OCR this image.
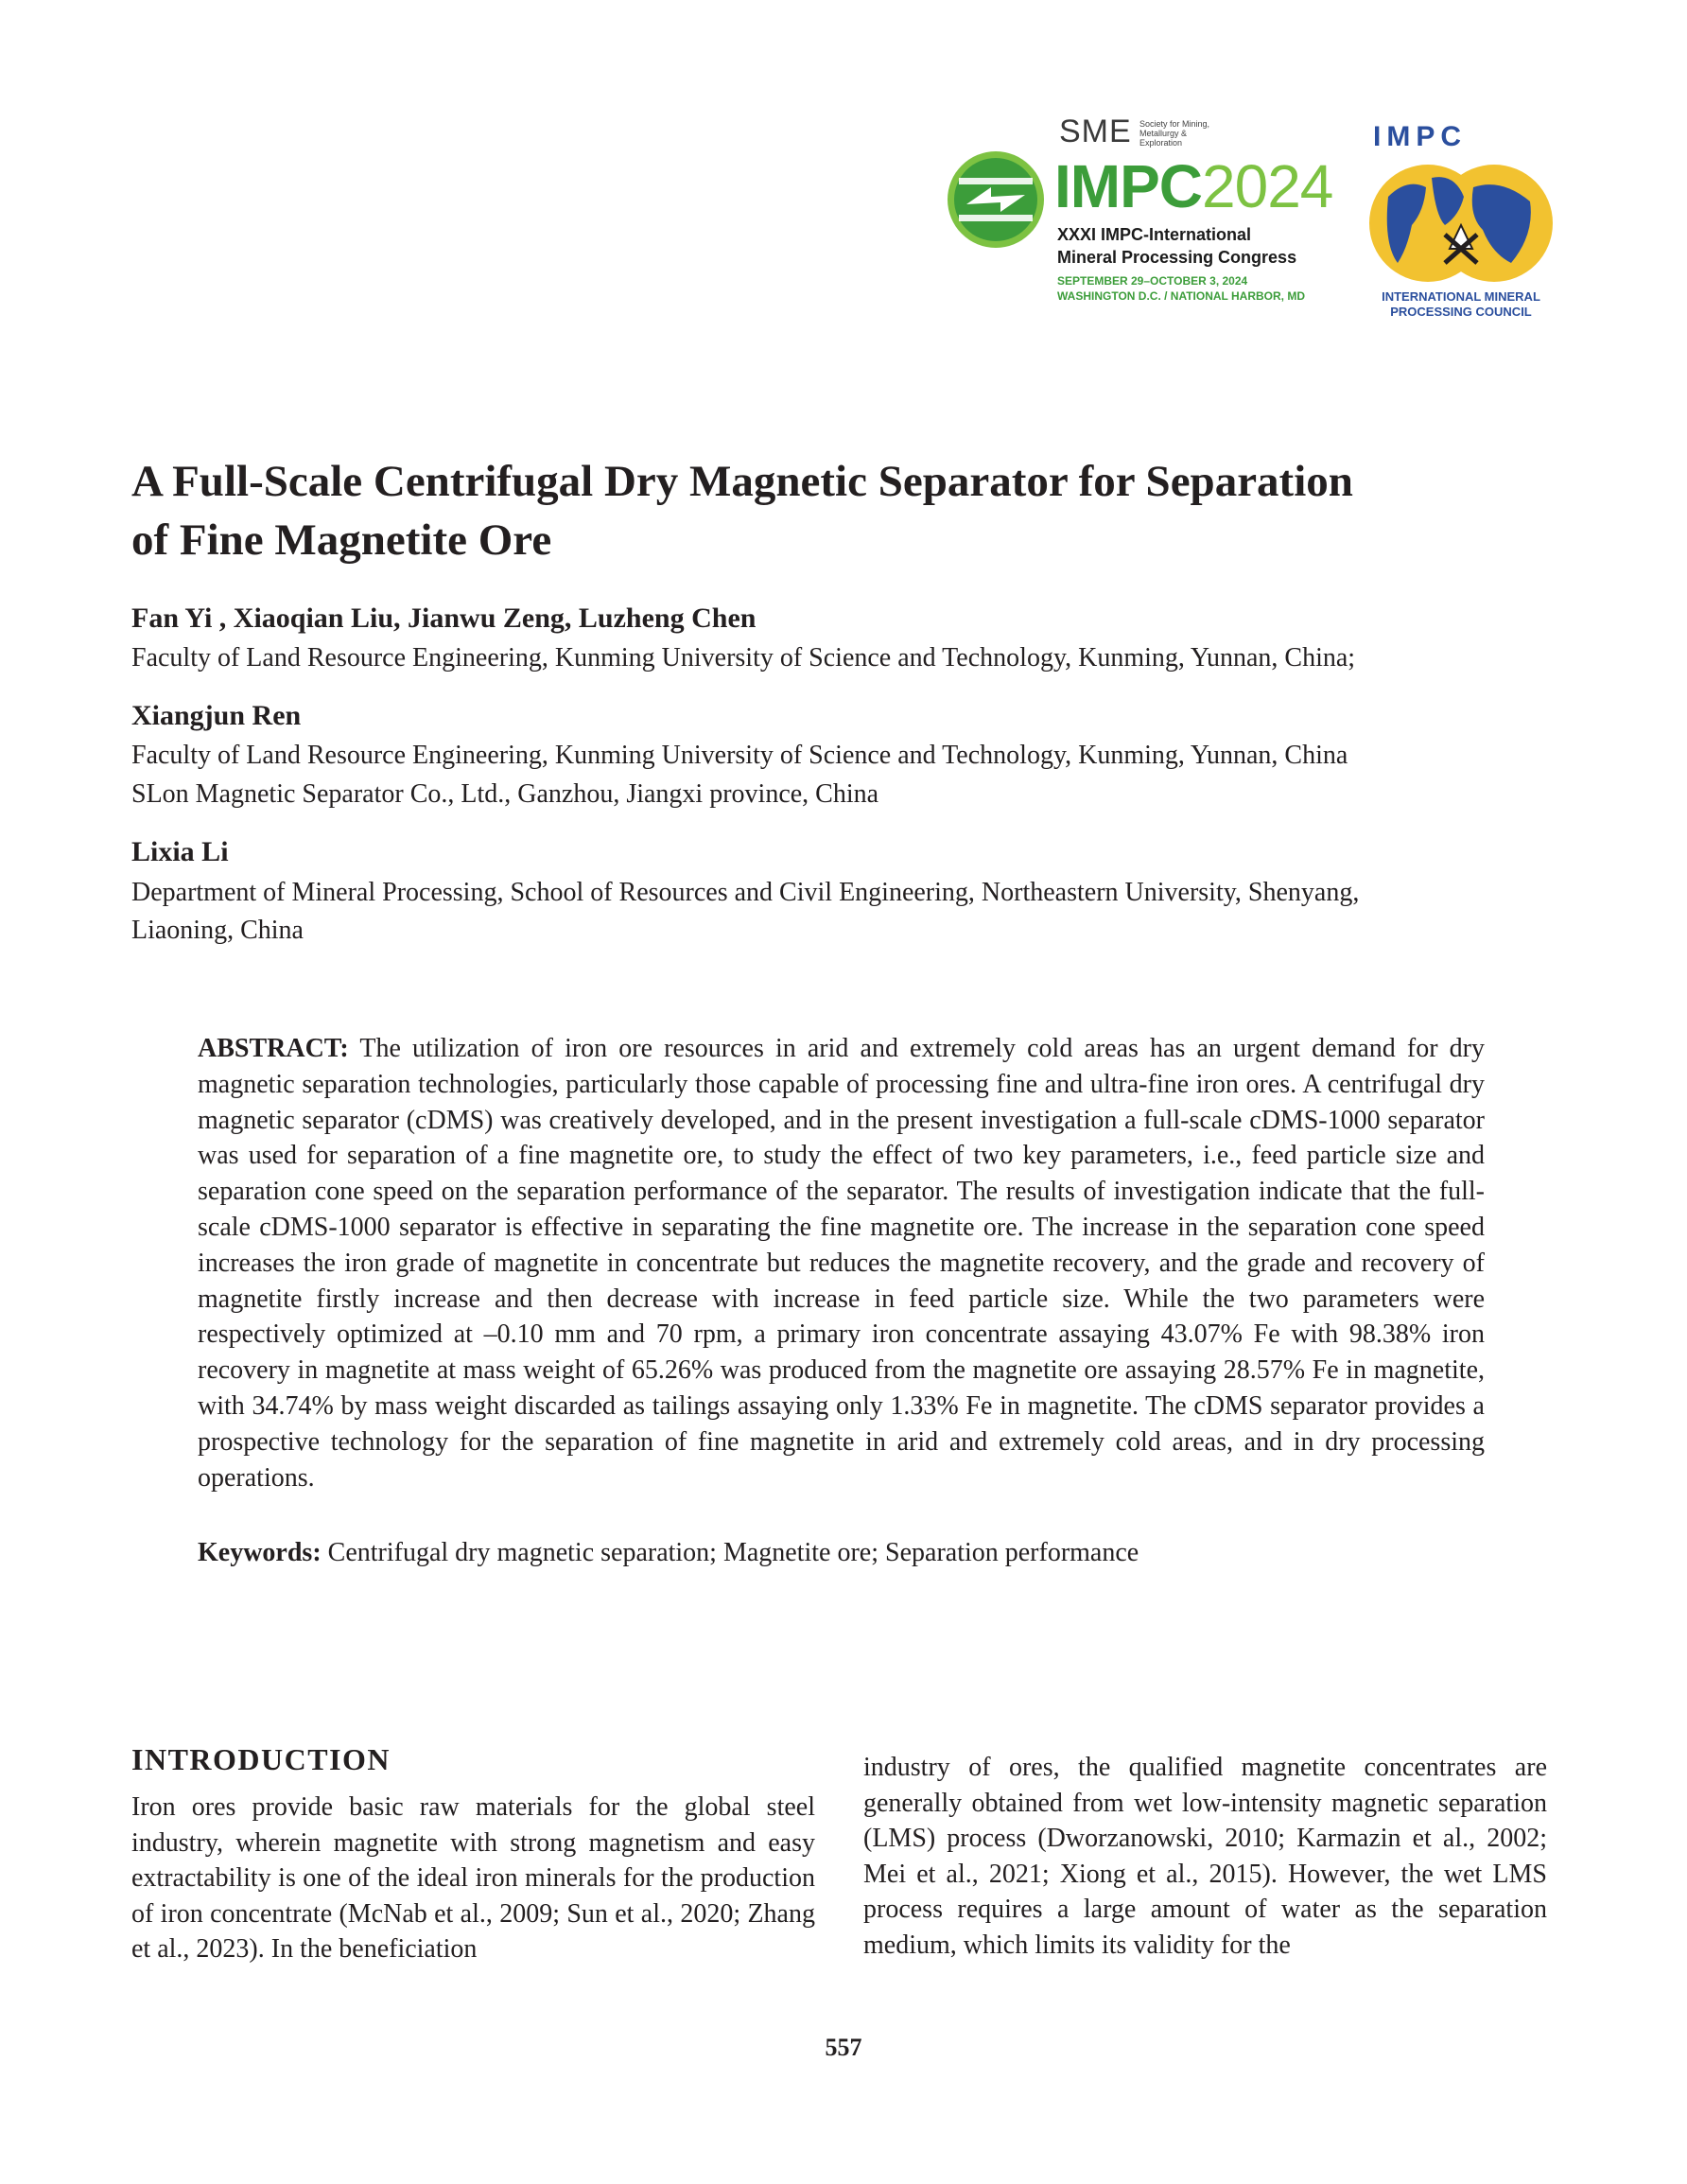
SME Society for Mining, Metallurgy & Exploration
IMPC2024
XXXI IMPC-International
Mineral Processing Congress
SEPTEMBER 29–OCTOBER 3, 2024
WASHINGTON D.C. / NATIONAL HARBOR, MD
IMPC
INTERNATIONAL MINERAL
PROCESSING COUNCIL
A Full-Scale Centrifugal Dry Magnetic Separator for Separation
of Fine Magnetite Ore
Fan Yi , Xiaoqian Liu, Jianwu Zeng, Luzheng Chen
Faculty of Land Resource Engineering, Kunming University of Science and Technology, Kunming, Yunnan, China;
Xiangjun Ren
Faculty of Land Resource Engineering, Kunming University of Science and Technology, Kunming, Yunnan, China
SLon Magnetic Separator Co., Ltd., Ganzhou, Jiangxi province, China
Lixia Li
Department of Mineral Processing, School of Resources and Civil Engineering, Northeastern University, Shenyang,
Liaoning, China

ABSTRACT: The utilization of iron ore resources in arid and extremely cold areas has an urgent demand for dry magnetic separation technologies, particularly those capable of processing fine and ultra-fine iron ores. A centrifugal dry magnetic separator (cDMS) was creatively developed, and in the present investigation a full-scale cDMS-1000 separator was used for separation of a fine magnetite ore, to study the effect of two key parameters, i.e., feed particle size and separation cone speed on the separation performance of the separator. The results of investigation indicate that the full-scale cDMS-1000 separator is effective in separating the fine magnetite ore. The increase in the separation cone speed increases the iron grade of magnetite in concentrate but reduces the magnetite recovery, and the grade and recovery of magnetite firstly increase and then decrease with increase in feed particle size. While the two parameters were respectively optimized at –0.10 mm and 70 rpm, a primary iron concentrate assaying 43.07% Fe with 98.38% iron recovery in magnetite at mass weight of 65.26% was produced from the magnetite ore assaying 28.57% Fe in magnetite, with 34.74% by mass weight discarded as tailings assaying only 1.33% Fe in magnetite. The cDMS separator provides a prospective technology for the separation of fine magnetite in arid and extremely cold areas, and in dry processing operations.

Keywords: Centrifugal dry magnetic separation; Magnetite ore; Separation performance

INTRODUCTION

Iron ores provide basic raw materials for the global steel industry, wherein magnetite with strong magnetism and easy extractability is one of the ideal iron minerals for the production of iron concentrate (McNab et al., 2009; Sun et al., 2020; Zhang et al., 2023). In the beneficiation

industry of ores, the qualified magnetite concentrates are generally obtained from wet low-intensity magnetic separation (LMS) process (Dworzanowski, 2010; Karmazin et al., 2002; Mei et al., 2021; Xiong et al., 2015). However, the wet LMS process requires a large amount of water as the separation medium, which limits its validity for the

557
